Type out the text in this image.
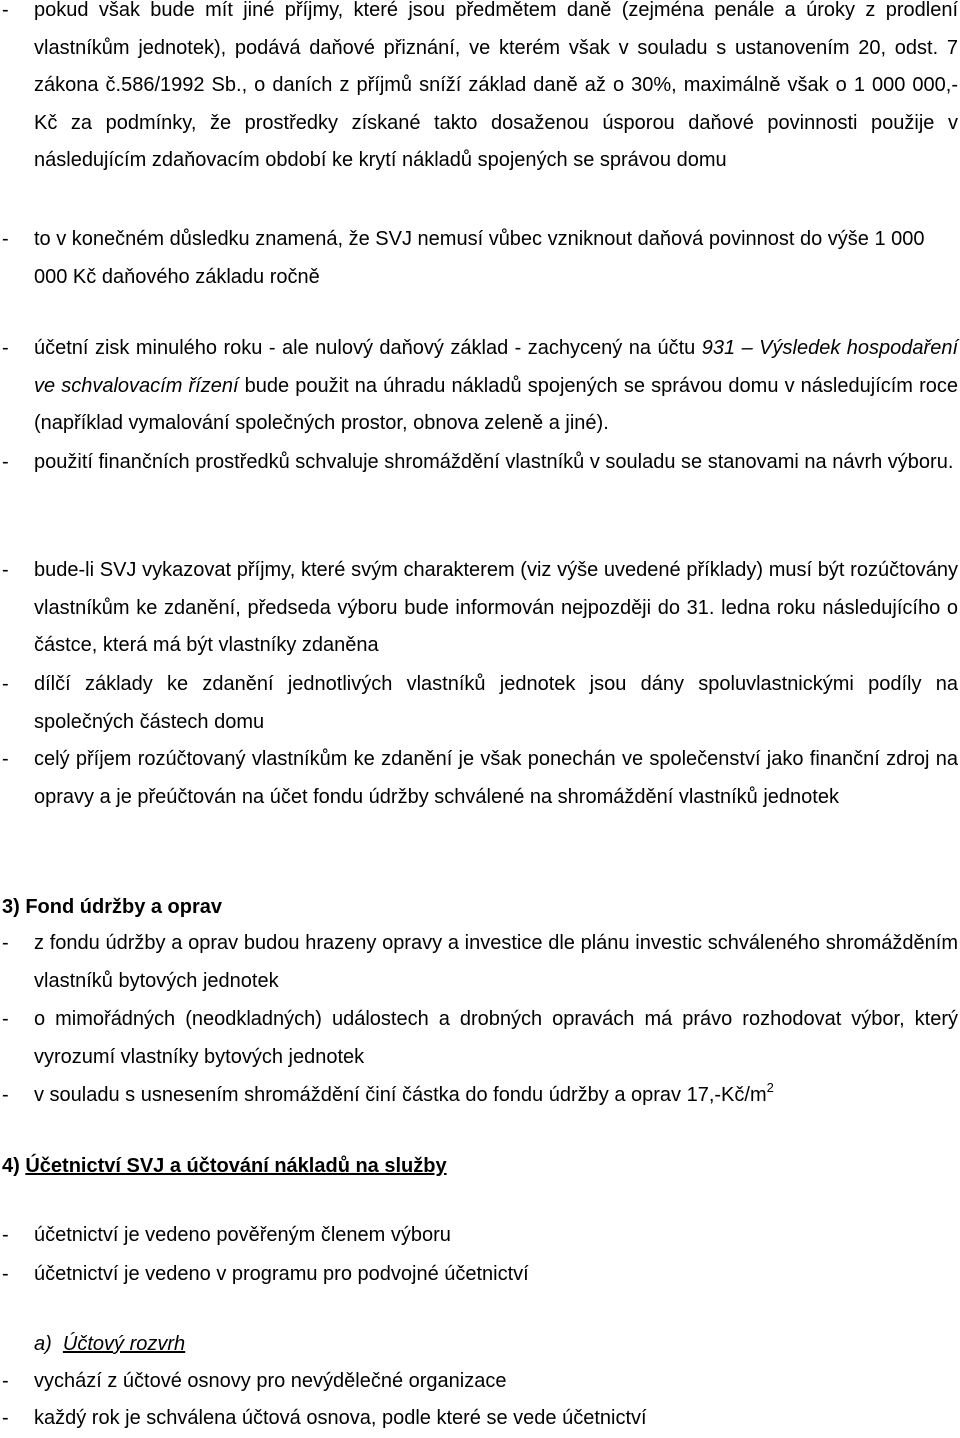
- pokud však bude mít jiné příjmy, které jsou předmětem daně (zejména penále a úroky z prodlení vlastníkům jednotek), podává daňové přiznání, ve kterém však v souladu s ustanovením 20, odst. 7 zákona č.586/1992 Sb., o daních z příjmů sníží základ daně až o 30%, maximálně však o 1 000 000,- Kč za podmínky, že prostředky získané takto dosaženou úsporou daňové povinnosti použije v následujícím zdaňovacím období ke krytí nákladů spojených se správou domu
- to v konečném důsledku znamená, že SVJ nemusí vůbec vzniknout daňová povinnost do výše 1 000 000 Kč daňového základu ročně
- účetní zisk minulého roku - ale nulový daňový základ - zachycený na účtu 931 – Výsledek hospodaření ve schvalovacím řízení bude použit na úhradu nákladů spojených se správou domu v následujícím roce (například vymalování společných prostor, obnova zeleně a jiné).
- použití finančních prostředků schvaluje shromáždění vlastníků v souladu se stanovami na návrh výboru.
- bude-li SVJ vykazovat příjmy, které svým charakterem (viz výše uvedené příklady) musí být rozúčtovány vlastníkům ke zdanění, předseda výboru bude informován nejpozději do 31. ledna roku následujícího o částce, která má být vlastníky zdaněna
- dílčí základy ke zdanění jednotlivých vlastníků jednotek jsou dány spoluvlastnickými podíly na společných částech domu
- celý příjem rozúčtovaný vlastníkům ke zdanění je však ponechán ve společenství jako finanční zdroj na opravy a je přeúčtován na účet fondu údržby schválené na shromáždění vlastníků jednotek
3) Fond údržby a oprav
- z fondu údržby a oprav budou hrazeny opravy a investice dle plánu investic schváleného shromážděním vlastníků bytových jednotek
- o mimořádných (neodkladných) událostech a drobných opravách má právo rozhodovat výbor, který vyrozumí vlastníky bytových jednotek
- v souladu s usnesením shromáždění činí částka do fondu údržby a oprav $17,-Kč/m^2$
4) Účetnictví SVJ a účtování nákladů na služby
- účetnictví je vedeno pověřeným členem výboru
- účetnictví je vedeno v programu pro podvojné účetnictví
a) Účtový rozvrh
- vychází z účtové osnovy pro nevýdělečné organizace
- každý rok je schválena účtová osnova, podle které se vede účetnictví
